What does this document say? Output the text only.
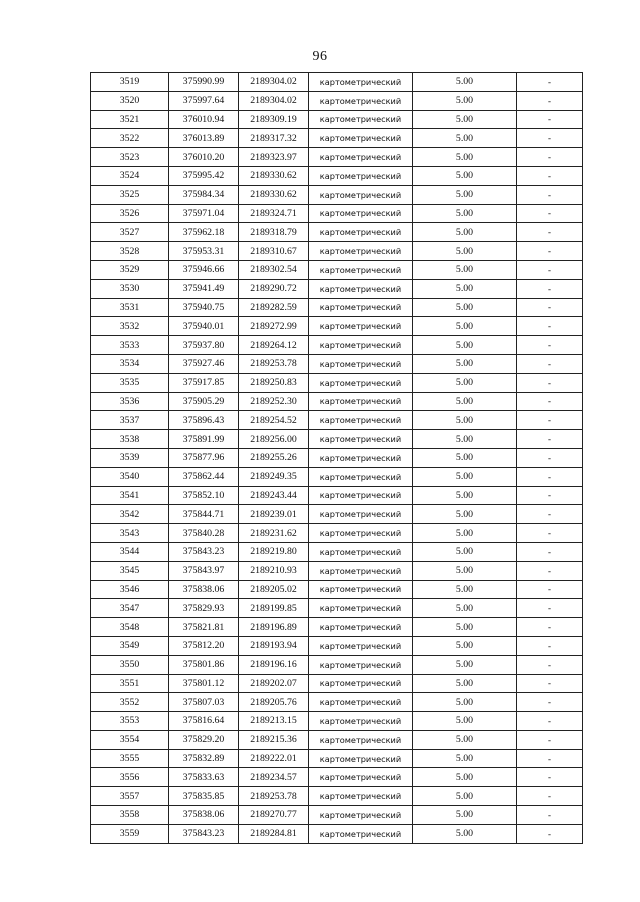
96
3519	375990.99	2189304.02	картометрический	5.00	-
3520	375997.64	2189304.02	картометрический	5.00	-
3521	376010.94	2189309.19	картометрический	5.00	-
3522	376013.89	2189317.32	картометрический	5.00	-
3523	376010.20	2189323.97	картометрический	5.00	-
3524	375995.42	2189330.62	картометрический	5.00	-
3525	375984.34	2189330.62	картометрический	5.00	-
3526	375971.04	2189324.71	картометрический	5.00	-
3527	375962.18	2189318.79	картометрический	5.00	-
3528	375953.31	2189310.67	картометрический	5.00	-
3529	375946.66	2189302.54	картометрический	5.00	-
3530	375941.49	2189290.72	картометрический	5.00	-
3531	375940.75	2189282.59	картометрический	5.00	-
3532	375940.01	2189272.99	картометрический	5.00	-
3533	375937.80	2189264.12	картометрический	5.00	-
3534	375927.46	2189253.78	картометрический	5.00	-
3535	375917.85	2189250.83	картометрический	5.00	-
3536	375905.29	2189252.30	картометрический	5.00	-
3537	375896.43	2189254.52	картометрический	5.00	-
3538	375891.99	2189256.00	картометрический	5.00	-
3539	375877.96	2189255.26	картометрический	5.00	-
3540	375862.44	2189249.35	картометрический	5.00	-
3541	375852.10	2189243.44	картометрический	5.00	-
3542	375844.71	2189239.01	картометрический	5.00	-
3543	375840.28	2189231.62	картометрический	5.00	-
3544	375843.23	2189219.80	картометрический	5.00	-
3545	375843.97	2189210.93	картометрический	5.00	-
3546	375838.06	2189205.02	картометрический	5.00	-
3547	375829.93	2189199.85	картометрический	5.00	-
3548	375821.81	2189196.89	картометрический	5.00	-
3549	375812.20	2189193.94	картометрический	5.00	-
3550	375801.86	2189196.16	картометрический	5.00	-
3551	375801.12	2189202.07	картометрический	5.00	-
3552	375807.03	2189205.76	картометрический	5.00	-
3553	375816.64	2189213.15	картометрический	5.00	-
3554	375829.20	2189215.36	картометрический	5.00	-
3555	375832.89	2189222.01	картометрический	5.00	-
3556	375833.63	2189234.57	картометрический	5.00	-
3557	375835.85	2189253.78	картометрический	5.00	-
3558	375838.06	2189270.77	картометрический	5.00	-
3559	375843.23	2189284.81	картометрический	5.00	-
